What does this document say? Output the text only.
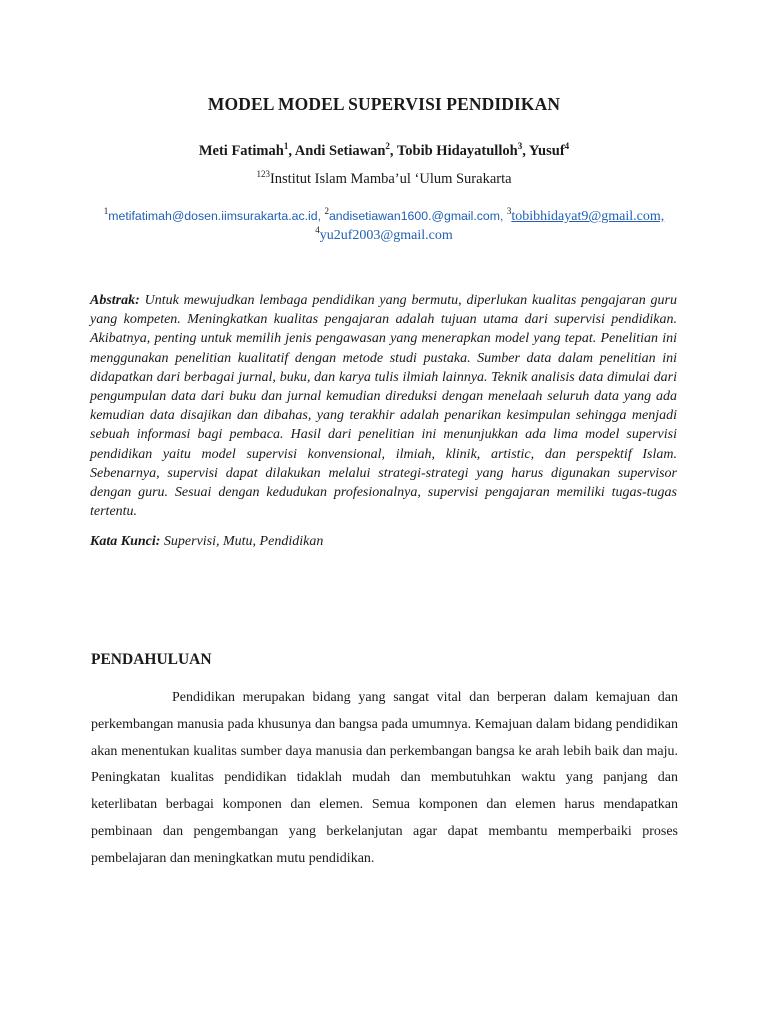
MODEL MODEL SUPERVISI PENDIDIKAN
Meti Fatimah$^1$, Andi Setiawan$^2$, Tobib Hidayatulloh$^3$, Yusuf$^4$
$^{123}$Institut Islam Mamba’ul ‘Ulum Surakarta
$^1$metifatimah@dosen.iimsurakarta.ac.id, $^2$andisetiawan1600.@gmail.com, $^3$tobibhidayat9@gmail.com,
$^4$yu2uf2003@gmail.com
Abstrak: Untuk mewujudkan lembaga pendidikan yang bermutu, diperlukan kualitas pengajaran guru yang kompeten. Meningkatkan kualitas pengajaran adalah tujuan utama dari supervisi pendidikan. Akibatnya, penting untuk memilih jenis pengawasan yang menerapkan model yang tepat. Penelitian ini menggunakan penelitian kualitatif dengan metode studi pustaka. Sumber data dalam penelitian ini didapatkan dari berbagai jurnal, buku, dan karya tulis ilmiah lainnya. Teknik analisis data dimulai dari pengumpulan data dari buku dan jurnal kemudian direduksi dengan menelaah seluruh data yang ada kemudian data disajikan dan dibahas, yang terakhir adalah penarikan kesimpulan sehingga menjadi sebuah informasi bagi pembaca. Hasil dari penelitian ini menunjukkan ada lima model supervisi pendidikan yaitu model supervisi konvensional, ilmiah, klinik, artistic, dan perspektif Islam. Sebenarnya, supervisi dapat dilakukan melalui strategi-strategi yang harus digunakan supervisor dengan guru. Sesuai dengan kedudukan profesionalnya, supervisi pengajaran memiliki tugas-tugas tertentu.
Kata Kunci: Supervisi, Mutu, Pendidikan
PENDAHULUAN
Pendidikan merupakan bidang yang sangat vital dan berperan dalam kemajuan dan perkembangan manusia pada khusunya dan bangsa pada umumnya. Kemajuan dalam bidang pendidikan akan menentukan kualitas sumber daya manusia dan perkembangan bangsa ke arah lebih baik dan maju. Peningkatan kualitas pendidikan tidaklah mudah dan membutuhkan waktu yang panjang dan keterlibatan berbagai komponen dan elemen. Semua komponen dan elemen harus mendapatkan pembinaan dan pengembangan yang berkelanjutan agar dapat membantu memperbaiki proses pembelajaran dan meningkatkan mutu pendidikan.
